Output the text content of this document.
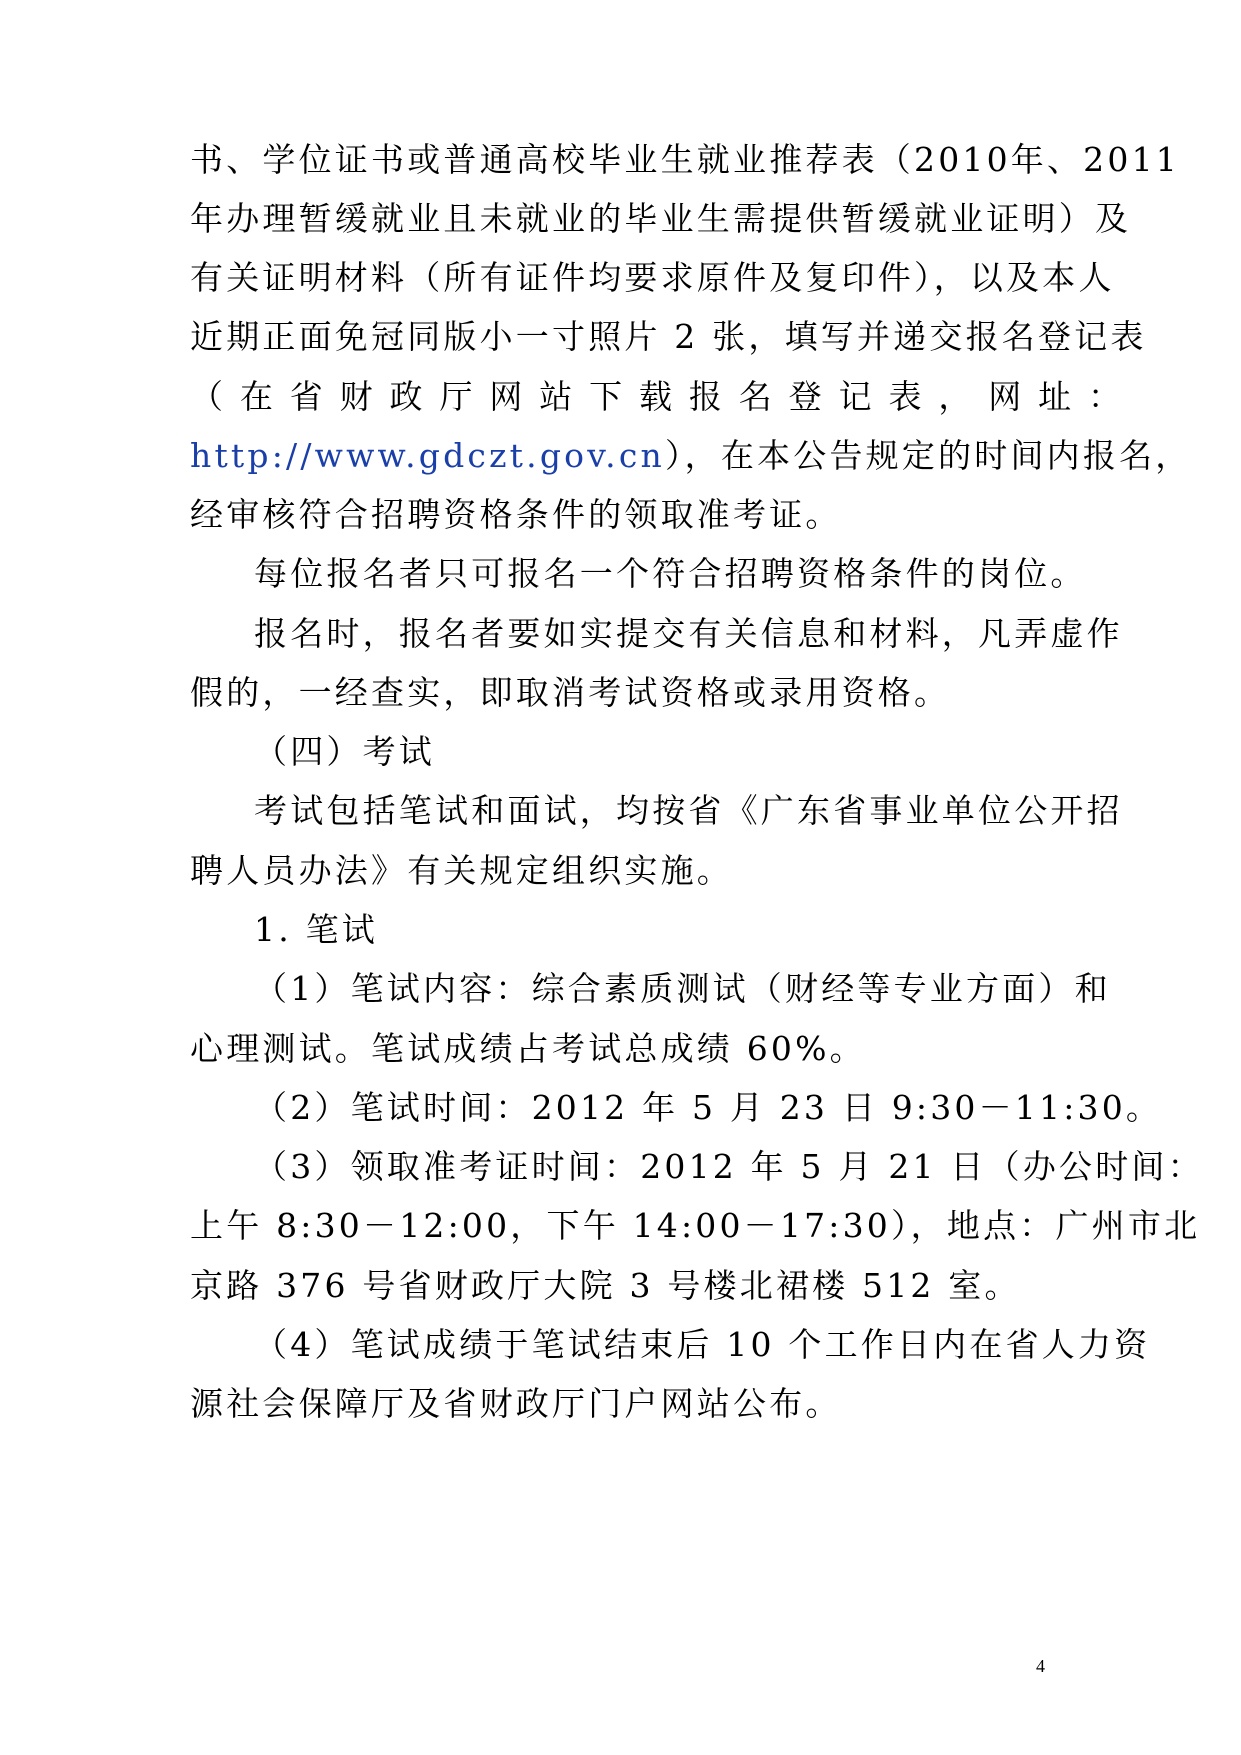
书、学位证书或普通高校毕业生就业推荐表（2010年、2011
年办理暂缓就业且未就业的毕业生需提供暂缓就业证明）及
有关证明材料（所有证件均要求原件及复印件），以及本人
近期正面免冠同版小一寸照片 2 张，填写并递交报名登记表
（ 在 省 财 政 厅 网 站 下 载 报 名 登 记 表 ， 网 址 ：
http://www.gdczt.gov.cn），在本公告规定的时间内报名，
经审核符合招聘资格条件的领取准考证。
每位报名者只可报名一个符合招聘资格条件的岗位。
报名时，报名者要如实提交有关信息和材料，凡弄虚作
假的，一经查实，即取消考试资格或录用资格。
（四）考试
考试包括笔试和面试，均按省《广东省事业单位公开招
聘人员办法》有关规定组织实施。
1. 笔试
（1）笔试内容：综合素质测试（财经等专业方面）和
心理测试。笔试成绩占考试总成绩 60%。
（2）笔试时间：2012 年 5 月 23 日 9:30－11:30。
（3）领取准考证时间：2012 年 5 月 21 日（办公时间：
上午 8:30－12:00，下午 14:00－17:30），地点：广州市北
京路 376 号省财政厅大院 3 号楼北裙楼 512 室。
（4）笔试成绩于笔试结束后 10 个工作日内在省人力资
源社会保障厅及省财政厅门户网站公布。
4
